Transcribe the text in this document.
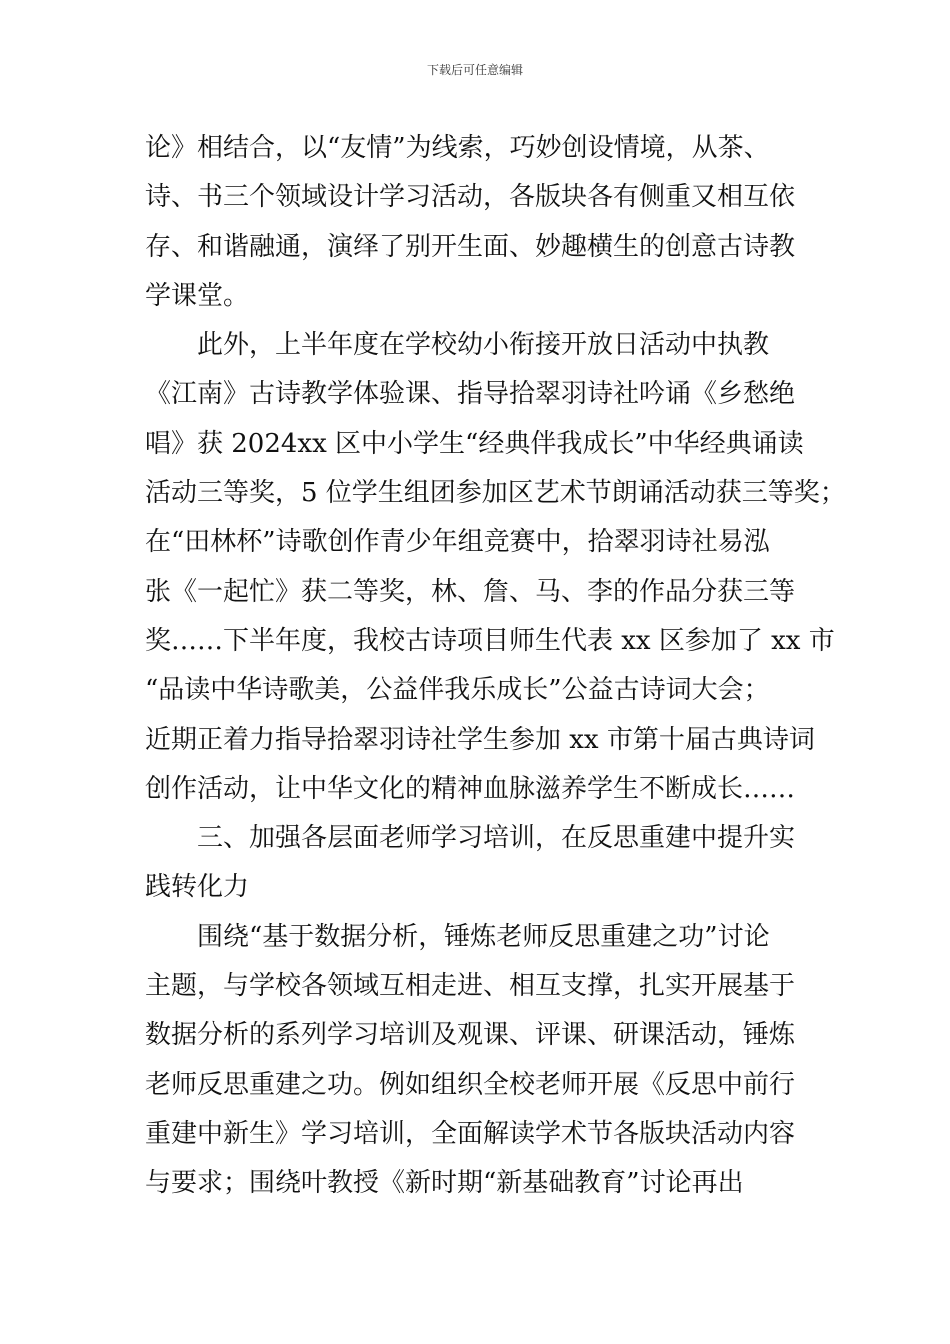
下载后可任意编辑
论》相结合，以“友情”为线索，巧妙创设情境，从茶、
诗、书三个领域设计学习活动，各版块各有侧重又相互依
存、和谐融通，演绎了别开生面、妙趣横生的创意古诗教
学课堂。
此外，上半年度在学校幼小衔接开放日活动中执教
《江南》古诗教学体验课、指导拾翠羽诗社吟诵《乡愁绝
唱》获 2024xx 区中小学生“经典伴我成长”中华经典诵读
活动三等奖，5 位学生组团参加区艺术节朗诵活动获三等奖；
在“田林杯”诗歌创作青少年组竞赛中，拾翠羽诗社易泓
张《一起忙》获二等奖，林、詹、马、李的作品分获三等
奖……下半年度，我校古诗项目师生代表 xx 区参加了 xx 市
“品读中华诗歌美，公益伴我乐成长”公益古诗词大会；
近期正着力指导拾翠羽诗社学生参加 xx 市第十届古典诗词
创作活动，让中华文化的精神血脉滋养学生不断成长……
三、加强各层面老师学习培训，在反思重建中提升实
践转化力
围绕“基于数据分析，锤炼老师反思重建之功”讨论
主题，与学校各领域互相走进、相互支撑，扎实开展基于
数据分析的系列学习培训及观课、评课、研课活动，锤炼
老师反思重建之功。例如组织全校老师开展《反思中前行
重建中新生》学习培训，全面解读学术节各版块活动内容
与要求；围绕叶教授《新时期“新基础教育”讨论再出
